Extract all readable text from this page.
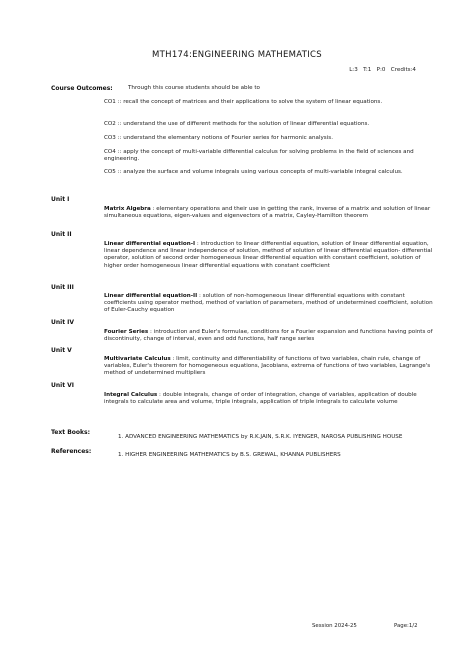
MTH174:ENGINEERING MATHEMATICS
L:3   T:1   P:0   Credits:4
Course Outcomes:	Through this course students should be able to
CO1 :: recall the concept of matrices and their applications to solve the system of linear equations.
CO2 :: understand the use of different methods for the solution of linear differential equations.
CO3 :: understand the elementary notions of Fourier series for harmonic analysis.
CO4 :: apply the concept of multi-variable differential calculus for solving problems in the field of sciences and engineering.
CO5 :: analyze the surface and volume integrals using various concepts of multi-variable integral calculus.
Unit I
Matrix Algebra : elementary operations and their use in getting the rank, inverse of a matrix and solution of linear simultaneous equations, eigen-values and eigenvectors of a matrix, Cayley-Hamilton theorem
Unit II
Linear differential equation-I : introduction to linear differential equation, solution of linear differential equation, linear dependence and linear independence of solution, method of solution of linear differential equation- differential operator, solution of second order homogeneous linear differential equation with constant coefficient, solution of higher order homogeneous linear differential equations with constant coefficient
Unit III
Linear differential equation-II : solution of non-homogeneous linear differential equations with constant coefficients using operator method, method of variation of parameters, method of undetermined coefficient, solution of Euler-Cauchy equation
Unit IV
Fourier Series : introduction and Euler's formulae, conditions for a Fourier expansion and functions having points of discontinuity, change of interval, even and odd functions, half range series
Unit V
Multivariate Calculus : limit, continuity and differentiability of functions of two variables, chain rule, change of variables, Euler's theorem for homogeneous equations, Jacobians, extrema of functions of two variables, Lagrange's method of undetermined multipliers
Unit VI
Integral Calculus : double integrals, change of order of integration, change of variables, application of double integrals to calculate area and volume, triple integrals, application of triple integrals to calculate volume
Text Books:
1. ADVANCED ENGINEERING MATHEMATICS by R.K.JAIN, S.R.K. IYENGER, NAROSA PUBLISHING HOUSE
References:	1. HIGHER ENGINEERING MATHEMATICS by B.S. GREWAL, KHANNA PUBLISHERS
Session 2024-25	Page:1/2
